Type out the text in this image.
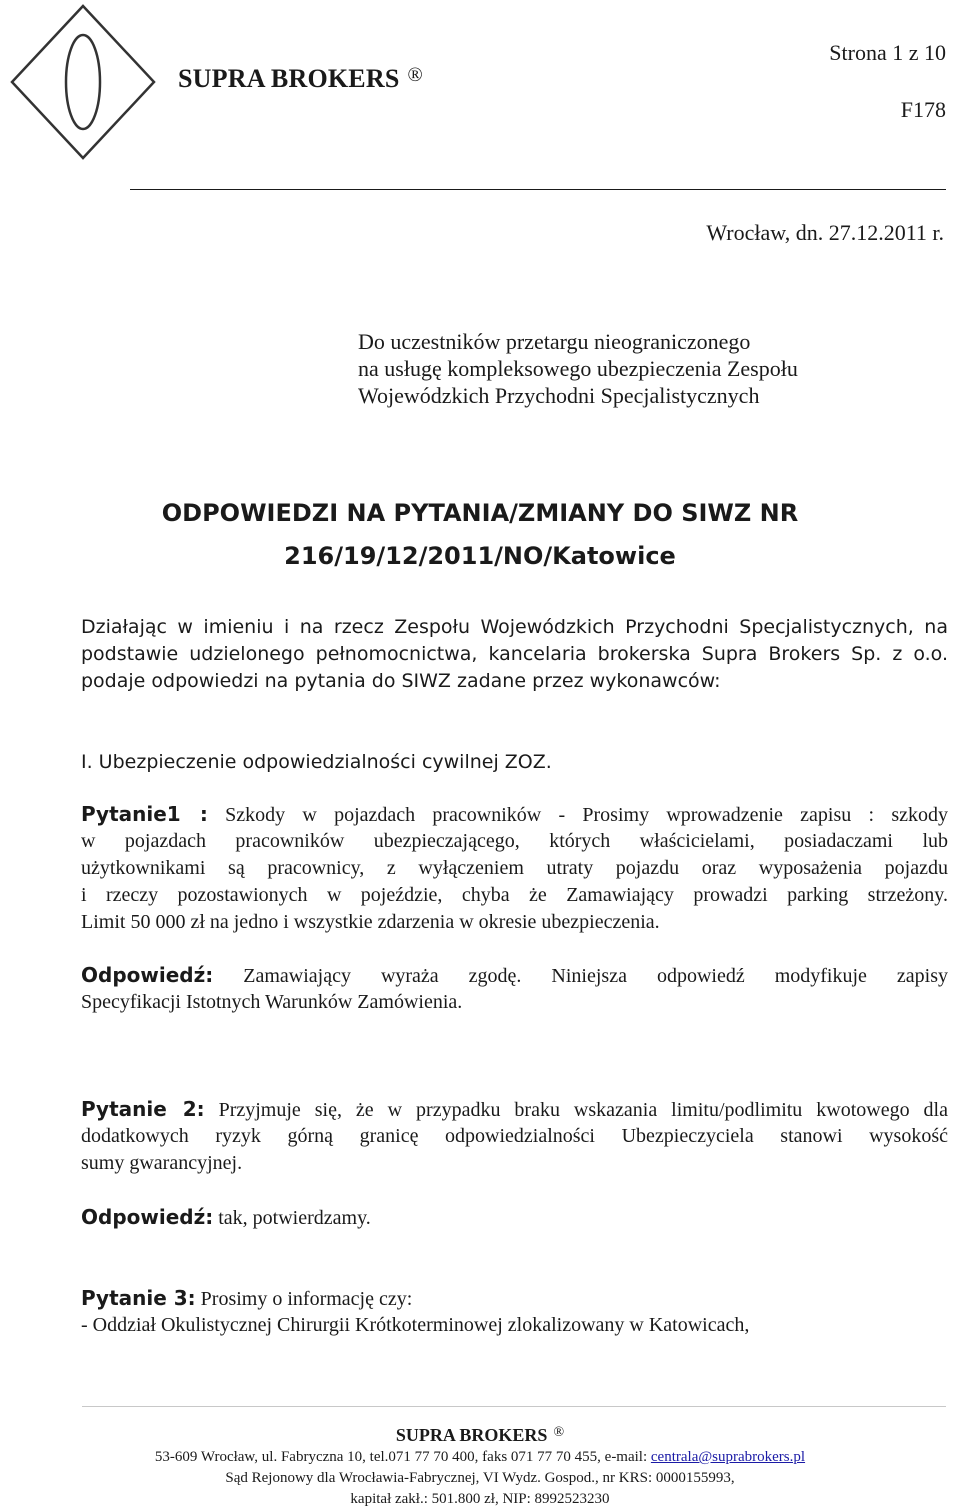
SUPRA BROKERS ®
Strona 1 z 10
F178
Wrocław, dn. 27.12.2011 r.
Do uczestników przetargu nieograniczonego
na usługę kompleksowego ubezpieczenia Zespołu
Wojewódzkich Przychodni Specjalistycznych
ODPOWIEDZI NA PYTANIA/ZMIANY DO SIWZ NR
216/19/12/2011/NO/Katowice
Działając w imieniu i na rzecz Zespołu Wojewódzkich Przychodni Specjalistycznych, na
podstawie udzielonego pełnomocnictwa, kancelaria brokerska Supra Brokers Sp. z o.o.
podaje odpowiedzi na pytania do SIWZ zadane przez wykonawców:
I. Ubezpieczenie odpowiedzialności cywilnej ZOZ.
Pytanie1 : Szkody w pojazdach pracowników - Prosimy wprowadzenie zapisu : szkody
w pojazdach pracowników ubezpieczającego, których właścicielami, posiadaczami lub
użytkownikami są pracownicy, z wyłączeniem utraty pojazdu oraz wyposażenia pojazdu
i rzeczy pozostawionych w pojeździe, chyba że Zamawiający prowadzi parking strzeżony.
Limit 50 000 zł na jedno i wszystkie zdarzenia w okresie ubezpieczenia.
Odpowiedź: Zamawiający wyraża zgodę. Niniejsza odpowiedź modyfikuje zapisy
Specyfikacji Istotnych Warunków Zamówienia.
Pytanie 2: Przyjmuje się, że w przypadku braku wskazania limitu/podlimitu kwotowego dla
dodatkowych ryzyk górną granicę odpowiedzialności Ubezpieczyciela stanowi wysokość
sumy gwarancyjnej.
Odpowiedź: tak, potwierdzamy.
Pytanie 3: Prosimy o informację czy:
- Oddział Okulistycznej Chirurgii Krótkoterminowej zlokalizowany w Katowicach,
SUPRA BROKERS ®
53-609 Wrocław, ul. Fabryczna 10, tel.071 77 70 400, faks 071 77 70 455, e-mail: centrala@suprabrokers.pl
Sąd Rejonowy dla Wrocławia-Fabrycznej, VI Wydz. Gospod., nr KRS: 0000155993,
kapitał zakł.: 501.800 zł, NIP: 8992523230
